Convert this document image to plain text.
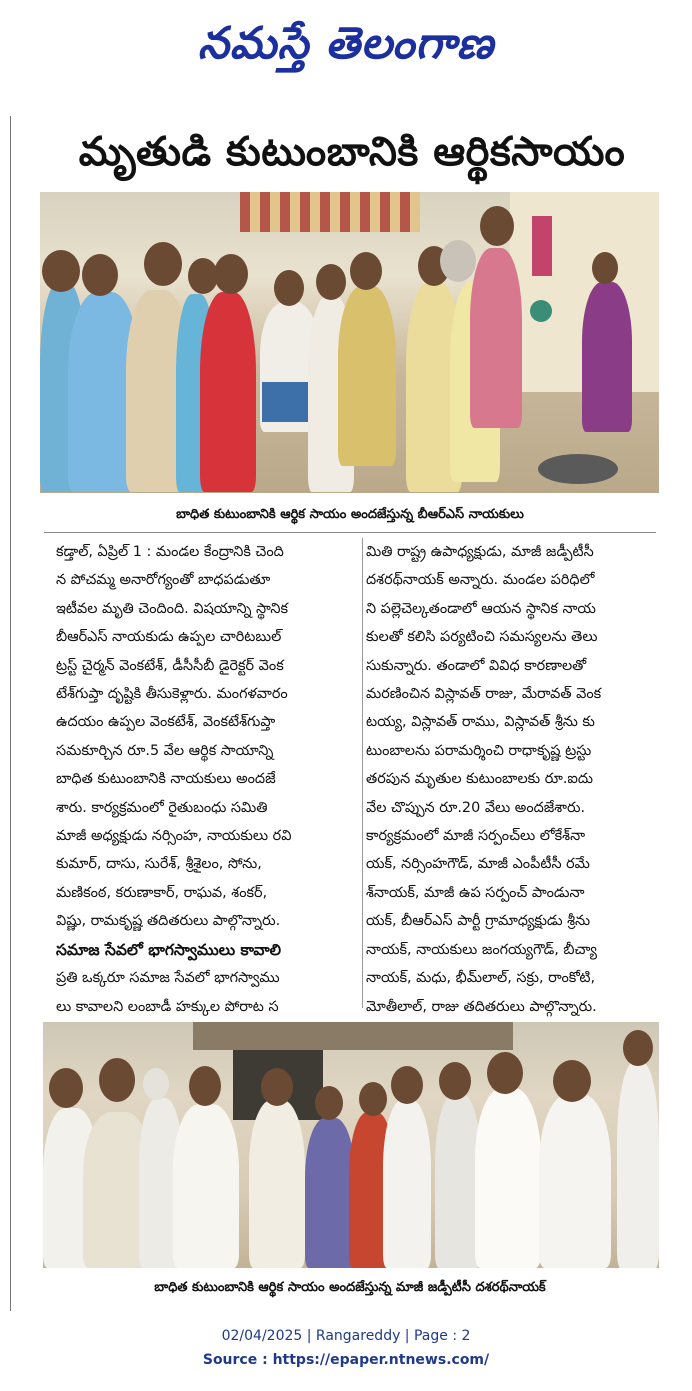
నమస్తే తెలంగాణ
మృతుడి కుటుంబానికి ఆర్థికసాయం
బాధిత కుటుంబానికి ఆర్థిక సాయం అందజేస్తున్న బీఆర్ఎస్ నాయకులు

కడ్తాల్, ఏప్రిల్ 1 : మండల కేంద్రానికి చెంది

న పోచమ్మ అనారోగ్యంతో బాధపడుతూ

ఇటీవల మృతి చెందింది. విషయాన్ని స్థానిక

బీఆర్ఎస్ నాయకుడు ఉప్పల చారిటబుల్

ట్రస్ట్ చైర్మన్ వెంకటేశ్, డీసీసీబీ డైరెక్టర్ వెంక

టేశ్‌గుప్తా దృష్టికి తీసుకెళ్లారు. మంగళవారం

ఉదయం ఉప్పల వెంకటేశ్, వెంకటేశ్‌గుప్తా

సమకూర్చిన రూ.5 వేల ఆర్థిక సాయాన్ని

బాధిత కుటుంబానికి నాయకులు అందజే

శారు. కార్యక్రమంలో రైతుబంధు సమితి

మాజీ అధ్యక్షుడు నర్సింహ, నాయకులు రవి

కుమార్, దాసు, సురేశ్, శ్రీశైలం, సోను,

మణికంఠ, కరుణాకార్, రాఘవ, శంకర్,

విష్ణు, రామకృష్ణ తదితరులు పాల్గొన్నారు.

సమాజ సేవలో భాగస్వాములు కావాలి

ప్రతి ఒక్కరూ సమాజ సేవలో భాగస్వాము

లు కావాలని లంబాడీ హక్కుల పోరాట స

మితి రాష్ట్ర ఉపాధ్యక్షుడు, మాజీ జడ్పీటీసీ

దశరథ్‌నాయక్ అన్నారు. మండల పరిధిలో

ని పల్లెచెల్కతండాలో ఆయన స్థానిక నాయ

కులతో కలిసి పర్యటించి సమస్యలను తెలు

సుకున్నారు. తండాలో వివిధ కారణాలతో

మరణించిన విస్లావత్ రాజు, మేరావత్ వెంక

టయ్య, విస్లావత్ రాము, విస్లావత్ శ్రీను కు

టుంబాలను పరామర్శించి రాధాకృష్ణ ట్రస్టు

తరపున మృతుల కుటుంబాలకు రూ.ఐదు

వేల చొప్పున రూ.20 వేలు అందజేశారు.

కార్యక్రమంలో మాజీ సర్పంచ్‌లు లోకేశ్‌నా

యక్, నర్సింహగౌడ్, మాజీ ఎంపీటీసీ రమే

శ్‌నాయక్, మాజీ ఉప సర్పంచ్ పాండునా

యక్, బీఆర్ఎస్ పార్టీ గ్రామాధ్యక్షుడు శ్రీను

నాయక్, నాయకులు జంగయ్యగౌడ్, బీచ్యా

నాయక్, మధు, భీమ్‌లాల్, సక్రు, రాంకోటి,

మోతీలాల్, రాజు తదితరులు పాల్గొన్నారు.

బాధిత కుటుంబానికి ఆర్థిక సాయం అందజేస్తున్న మాజీ జడ్పీటీసీ దశరథ్‌నాయక్
02/04/2025 | Rangareddy | Page : 2
Source : https://epaper.ntnews.com/
